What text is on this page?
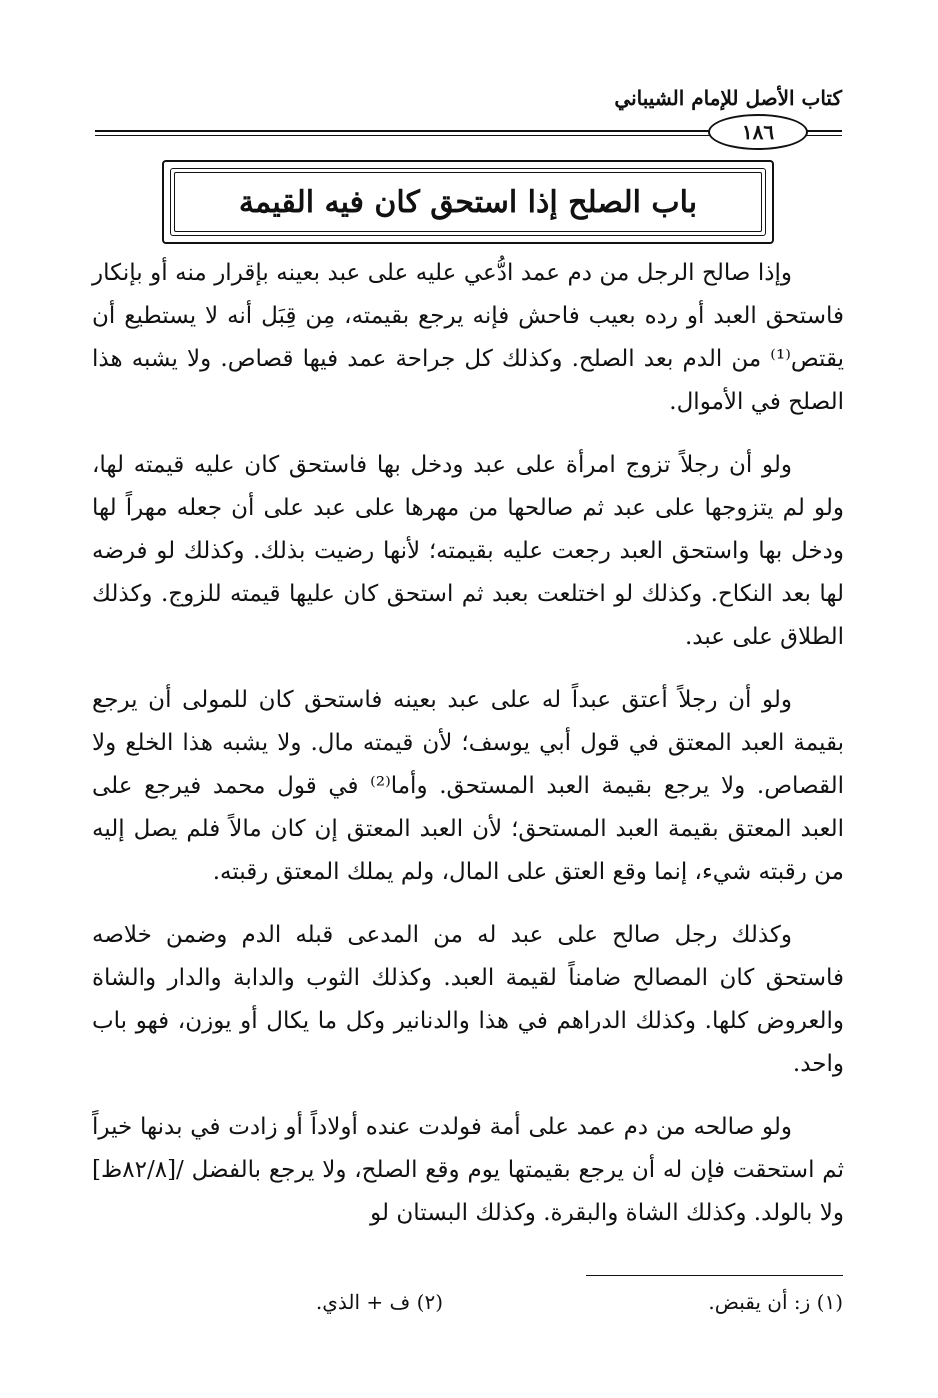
كتاب الأصل للإمام الشيباني
١٨٦
باب الصلح إذا استحق كان فيه القيمة

وإذا صالح الرجل من دم عمد ادُّعي عليه على عبد بعينه بإقرار منه أو بإنكار فاستحق العبد أو رده بعيب فاحش فإنه يرجع بقيمته، مِن قِبَل أنه لا يستطيع أن يقتص⁽¹⁾ من الدم بعد الصلح. وكذلك كل جراحة عمد فيها قصاص. ولا يشبه هذا الصلح في الأموال.

ولو أن رجلاً تزوج امرأة على عبد ودخل بها فاستحق كان عليه قيمته لها، ولو لم يتزوجها على عبد ثم صالحها من مهرها على عبد على أن جعله مهراً لها ودخل بها واستحق العبد رجعت عليه بقيمته؛ لأنها رضيت بذلك. وكذلك لو فرضه لها بعد النكاح. وكذلك لو اختلعت بعبد ثم استحق كان عليها قيمته للزوج. وكذلك الطلاق على عبد.

ولو أن رجلاً أعتق عبداً له على عبد بعينه فاستحق كان للمولى أن يرجع بقيمة العبد المعتق في قول أبي يوسف؛ لأن قيمته مال. ولا يشبه هذا الخلع ولا القصاص. ولا يرجع بقيمة العبد المستحق. وأما⁽²⁾ في قول محمد فيرجع على العبد المعتق بقيمة العبد المستحق؛ لأن العبد المعتق إن كان مالاً فلم يصل إليه من رقبته شيء، إنما وقع العتق على المال، ولم يملك المعتق رقبته.

وكذلك رجل صالح على عبد له من المدعى قبله الدم وضمن خلاصه فاستحق كان المصالح ضامناً لقيمة العبد. وكذلك الثوب والدابة والدار والشاة والعروض كلها. وكذلك الدراهم في هذا والدنانير وكل ما يكال أو يوزن، فهو باب واحد.

ولو صالحه من دم عمد على أمة فولدت عنده أولاداً أو زادت في بدنها خيراً ثم استحقت فإن له أن يرجع بقيمتها يوم وقع الصلح، ولا يرجع بالفضل /[٨٢/٨ظ] ولا بالولد. وكذلك الشاة والبقرة. وكذلك البستان لو

(١) ز: أن يقبض.(٢) ف + الذي.
